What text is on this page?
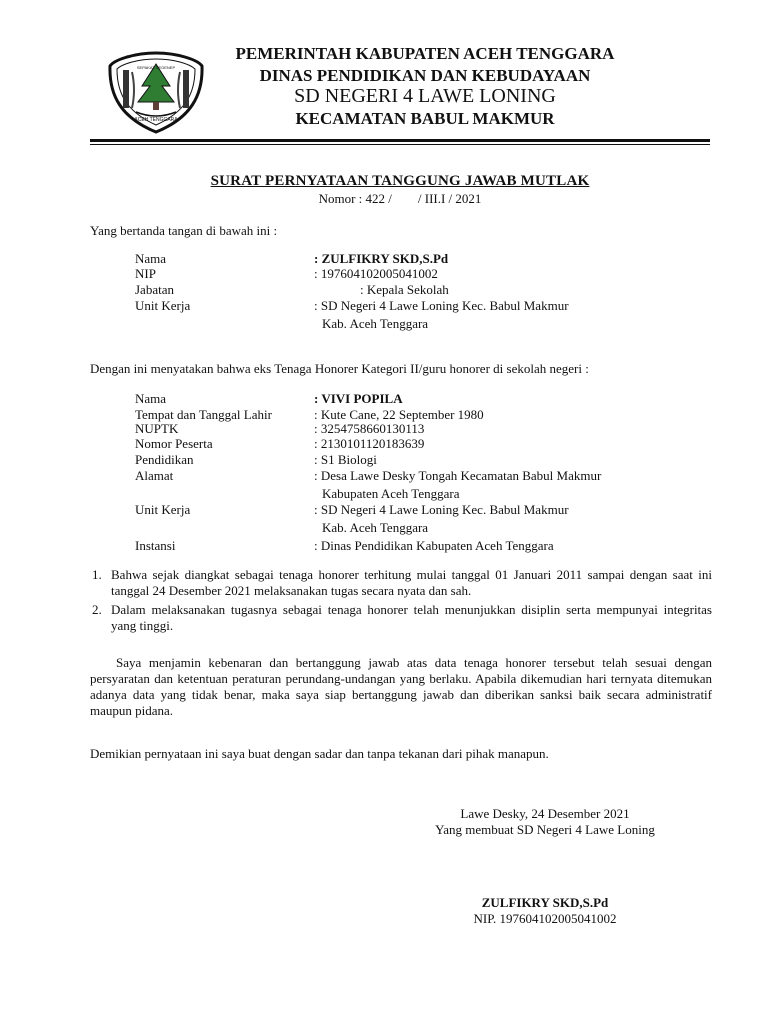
ACEH TENGGARA
SEPAKAT SEGENEP
PEMERINTAH KABUPATEN ACEH TENGGARA
DINAS PENDIDIKAN DAN KEBUDAYAAN
SD NEGERI 4 LAWE LONING
KECAMATAN BABUL MAKMUR
SURAT PERNYATAAN TANGGUNG JAWAB MUTLAK
Nomor : 422 /        / III.I / 2021
Yang bertanda tangan di bawah ini :
Nama	: ZULFIKRY SKD,S.Pd
NIP	: 197604102005041002
Jabatan	: Kepala Sekolah
Unit Kerja	: SD Negeri 4 Lawe Loning Kec. Babul Makmur
Kab. Aceh Tenggara
Dengan ini menyatakan bahwa eks Tenaga Honorer Kategori II/guru honorer di sekolah negeri :
Nama	: VIVI POPILA
Tempat dan Tanggal Lahir	: Kute Cane, 22 September 1980
NUPTK	: 3254758660130113
Nomor Peserta	: 2130101120183639
Pendidikan	: S1 Biologi
Alamat	: Desa Lawe Desky Tongah Kecamatan Babul Makmur
Kabupaten Aceh Tenggara
Unit Kerja	: SD Negeri 4 Lawe Loning Kec. Babul Makmur
Kab. Aceh Tenggara
Instansi	: Dinas Pendidikan Kabupaten Aceh Tenggara
1. Bahwa sejak diangkat sebagai tenaga honorer terhitung mulai tanggal 01 Januari 2011 sampai dengan saat ini tanggal 24 Desember 2021 melaksanakan tugas secara nyata dan sah.
2. Dalam melaksanakan tugasnya sebagai tenaga honorer telah menunjukkan disiplin serta mempunyai integritas yang tinggi.
Saya menjamin kebenaran dan bertanggung jawab atas data tenaga honorer tersebut telah sesuai dengan persyaratan dan ketentuan peraturan perundang-undangan yang berlaku. Apabila dikemudian hari ternyata ditemukan adanya data yang tidak benar, maka saya siap bertanggung jawab dan diberikan sanksi baik secara administratif maupun pidana.
Demikian pernyataan ini saya buat dengan sadar dan tanpa tekanan dari pihak manapun.
Lawe Desky, 24 Desember 2021
Yang membuat SD Negeri 4 Lawe Loning
ZULFIKRY SKD,S.Pd
NIP. 197604102005041002
